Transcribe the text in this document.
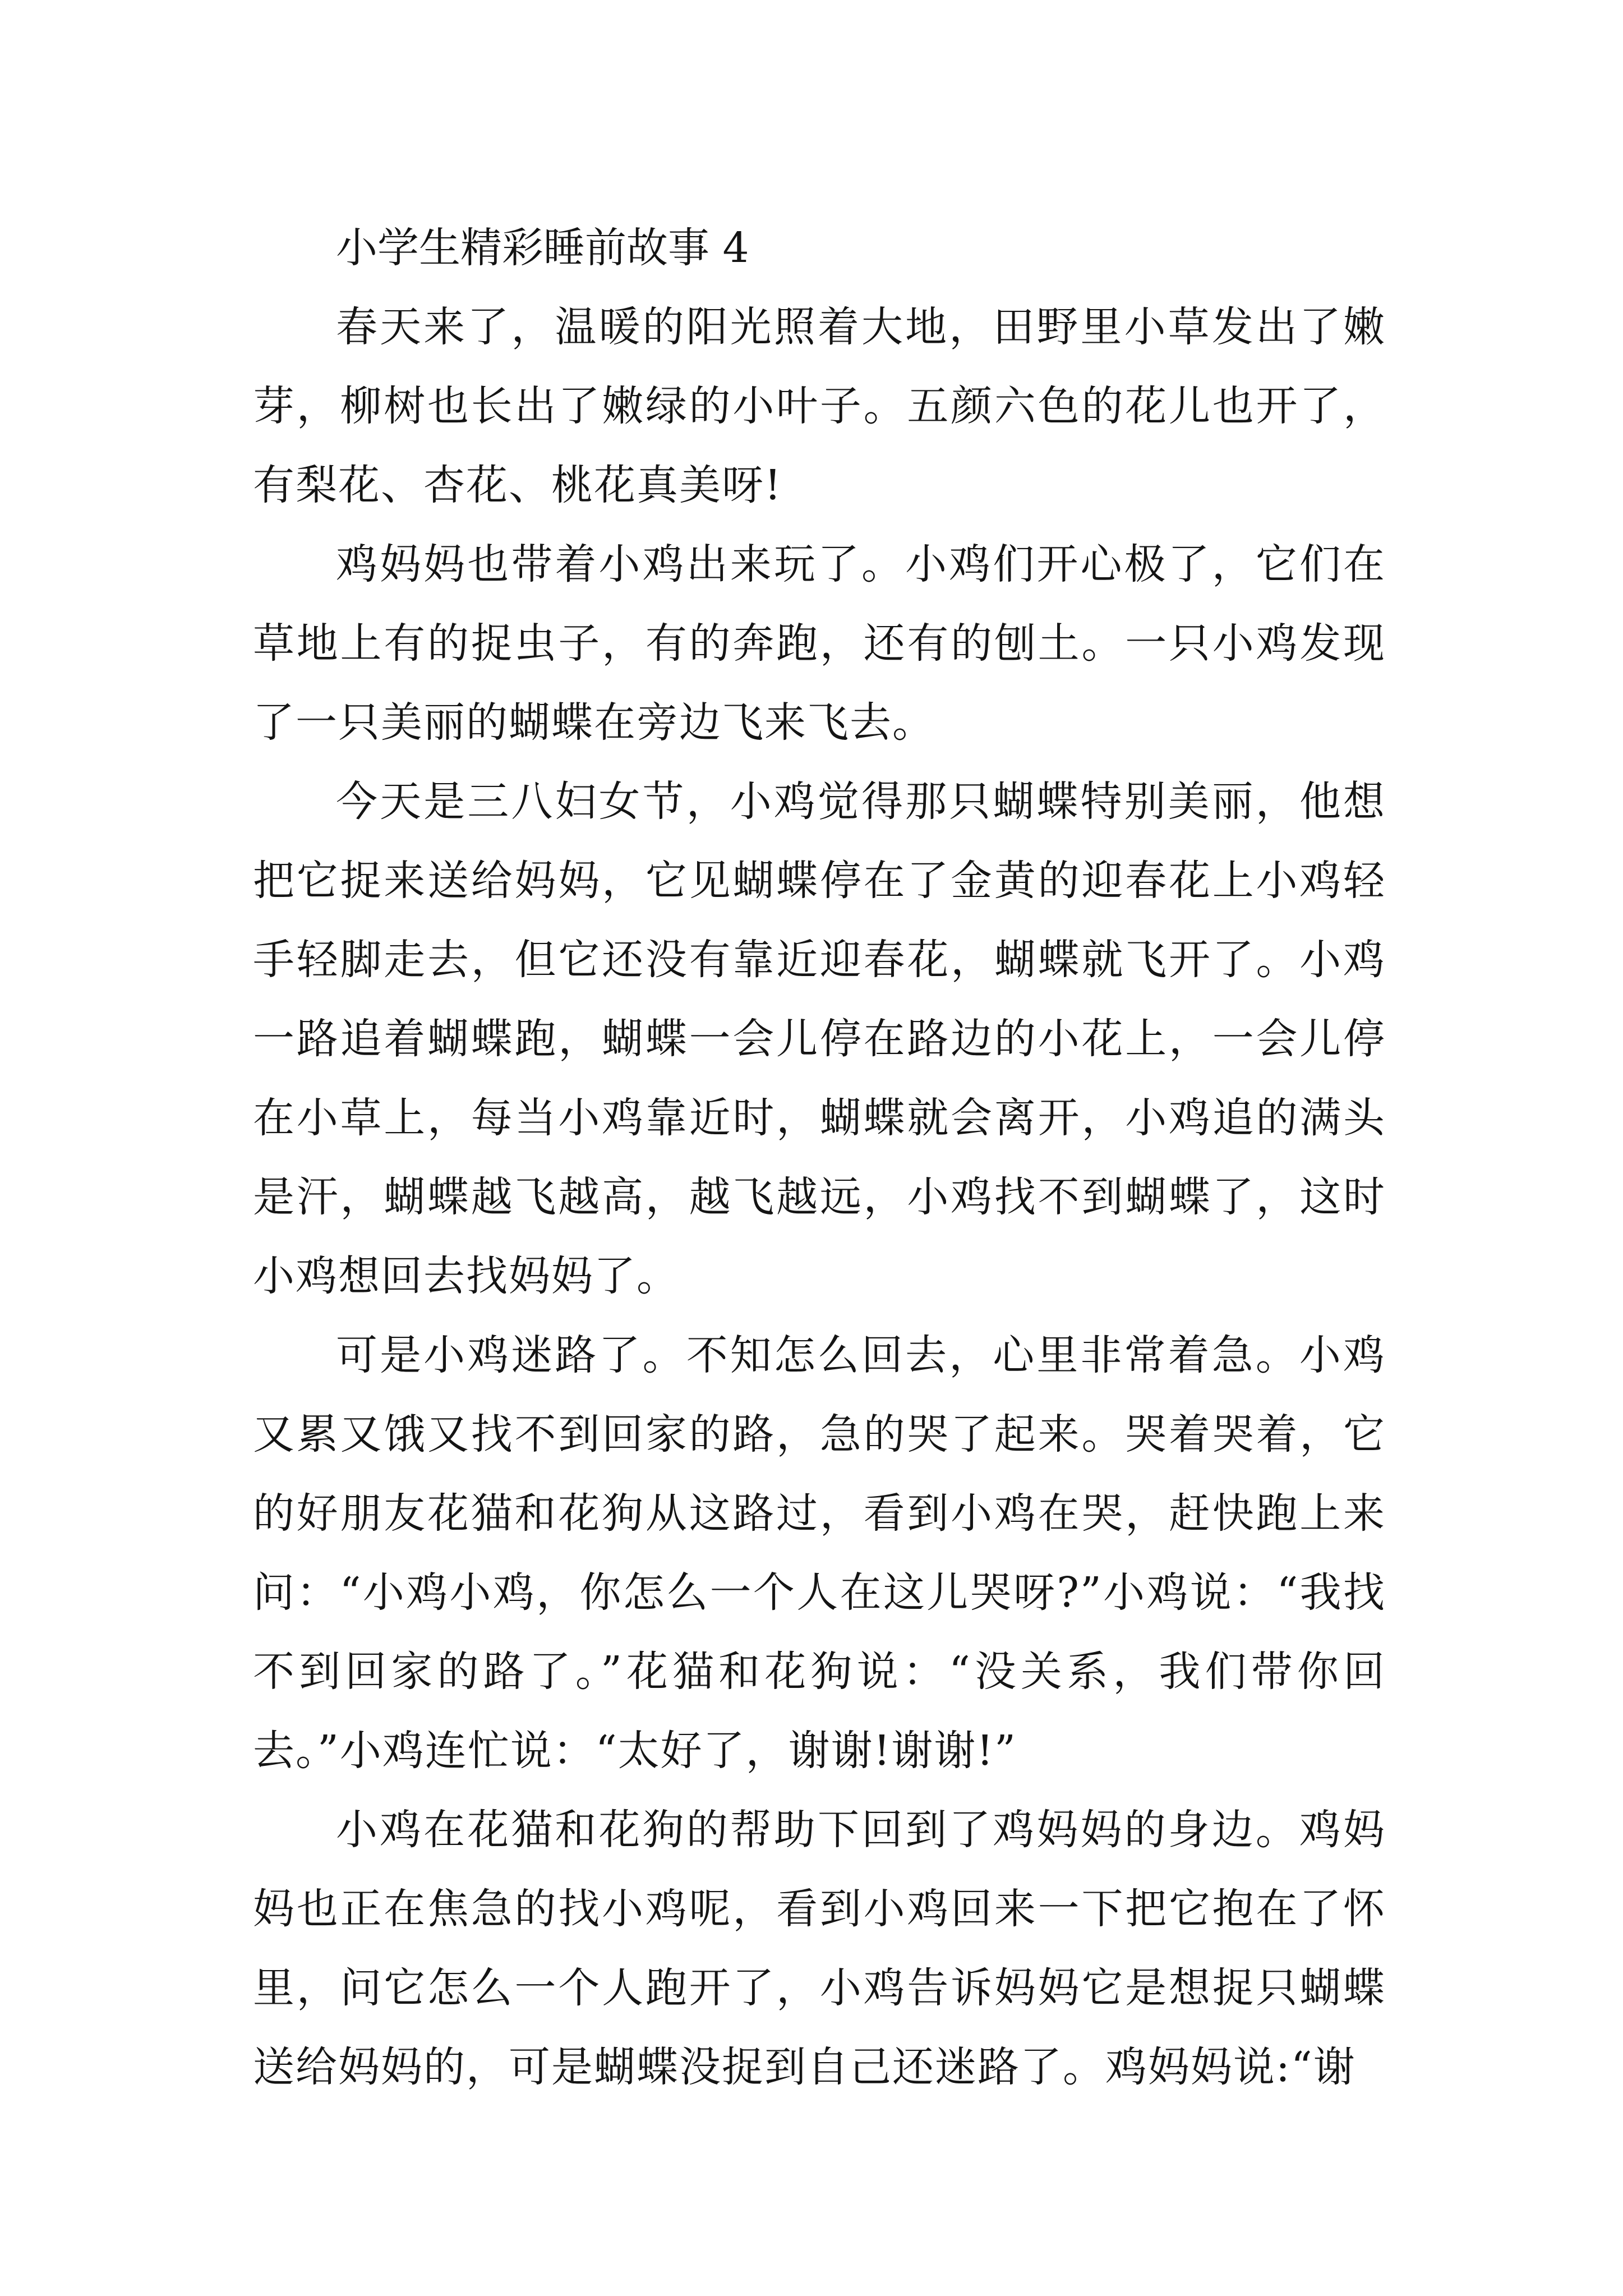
小学生精彩睡前故事 4

春天来了，温暖的阳光照着大地，田野里小草发出了嫩芽，柳树也长出了嫩绿的小叶子。五颜六色的花儿也开了，有梨花、杏花、桃花真美呀!

鸡妈妈也带着小鸡出来玩了。小鸡们开心极了，它们在草地上有的捉虫子，有的奔跑，还有的刨土。一只小鸡发现了一只美丽的蝴蝶在旁边飞来飞去。

今天是三八妇女节，小鸡觉得那只蝴蝶特别美丽，他想把它捉来送给妈妈，它见蝴蝶停在了金黄的迎春花上小鸡轻手轻脚走去，但它还没有靠近迎春花，蝴蝶就飞开了。小鸡一路追着蝴蝶跑，蝴蝶一会儿停在路边的小花上，一会儿停在小草上，每当小鸡靠近时，蝴蝶就会离开，小鸡追的满头是汗，蝴蝶越飞越高，越飞越远，小鸡找不到蝴蝶了，这时小鸡想回去找妈妈了。

可是小鸡迷路了。不知怎么回去，心里非常着急。小鸡又累又饿又找不到回家的路，急的哭了起来。哭着哭着，它的好朋友花猫和花狗从这路过，看到小鸡在哭，赶快跑上来问：“小鸡小鸡，你怎么一个人在这儿哭呀?”小鸡说：“我找不到回家的路了。”花猫和花狗说：“没关系，我们带你回去。”小鸡连忙说：“太好了，谢谢!谢谢!”

小鸡在花猫和花狗的帮助下回到了鸡妈妈的身边。鸡妈妈也正在焦急的找小鸡呢，看到小鸡回来一下把它抱在了怀里，问它怎么一个人跑开了，小鸡告诉妈妈它是想捉只蝴蝶送给妈妈的，可是蝴蝶没捉到自己还迷路了。鸡妈妈说:“谢
